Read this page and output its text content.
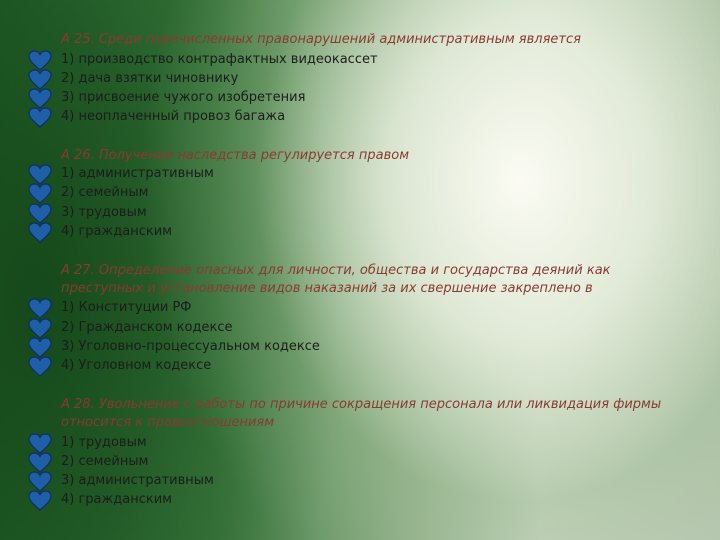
А 25. Среди перечисленных правонарушений административным является
1) производство контрафактных видеокассет
2) дача взятки чиновнику
3) присвоение чужого изобретения
4) неоплаченный провоз багажа
А 26. Получение наследства регулируется правом
1) административным
2) семейным
3) трудовым
4) гражданским
А 27. Определение опасных для личности, общества и государства деяний как
преступных и установление видов наказаний за их свершение закреплено в
1) Конституции РФ
2) Гражданском кодексе
3) Уголовно-процессуальном кодексе
4) Уголовном кодексе
А 28. Увольнение с работы по причине сокращения персонала или ликвидация фирмы
относится к правоотношениям
1) трудовым
2) семейным
3) административным
4) гражданским
